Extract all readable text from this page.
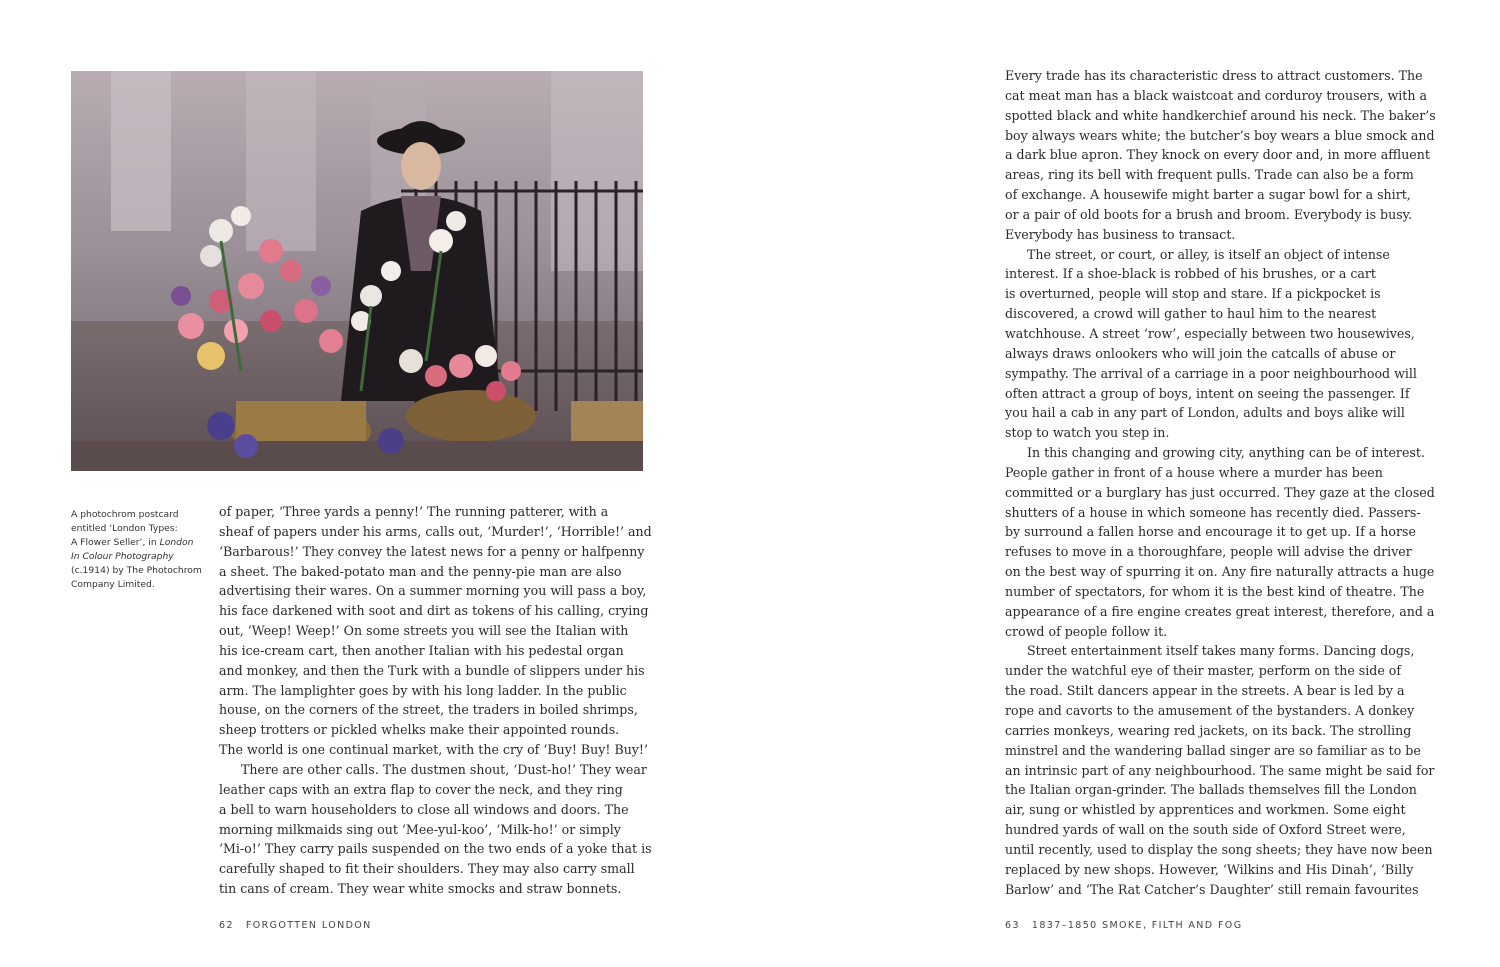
A photochrom postcard
entitled ‘London Types:
A Flower Seller’, in London
In Colour Photography
(c.1914) by The Photochrom
Company Limited.
of paper, ‘Three yards a penny!’ The running patterer, with a
sheaf of papers under his arms, calls out, ‘Murder!’, ‘Horrible!’ and
‘Barbarous!’ They convey the latest news for a penny or halfpenny
a sheet. The baked-potato man and the penny-pie man are also
advertising their wares. On a summer morning you will pass a boy,
his face darkened with soot and dirt as tokens of his calling, crying
out, ‘Weep! Weep!’ On some streets you will see the Italian with
his ice-cream cart, then another Italian with his pedestal organ
and monkey, and then the Turk with a bundle of slippers under his
arm. The lamplighter goes by with his long ladder. In the public
house, on the corners of the street, the traders in boiled shrimps,
sheep trotters or pickled whelks make their appointed rounds.
The world is one continual market, with the cry of ‘Buy! Buy! Buy!’
There are other calls. The dustmen shout, ‘Dust-ho!’ They wear
leather caps with an extra flap to cover the neck, and they ring
a bell to warn householders to close all windows and doors. The
morning milkmaids sing out ‘Mee-yul-koo’, ‘Milk-ho!’ or simply
‘Mi-o!’ They carry pails suspended on the two ends of a yoke that is
carefully shaped to fit their shoulders. They may also carry small
tin cans of cream. They wear white smocks and straw bonnets.
Every trade has its characteristic dress to attract customers. The
cat meat man has a black waistcoat and corduroy trousers, with a
spotted black and white handkerchief around his neck. The baker’s
boy always wears white; the butcher’s boy wears a blue smock and
a dark blue apron. They knock on every door and, in more affluent
areas, ring its bell with frequent pulls. Trade can also be a form
of exchange. A housewife might barter a sugar bowl for a shirt,
or a pair of old boots for a brush and broom. Everybody is busy.
Everybody has business to transact.
The street, or court, or alley, is itself an object of intense
interest. If a shoe-black is robbed of his brushes, or a cart
is overturned, people will stop and stare. If a pickpocket is
discovered, a crowd will gather to haul him to the nearest
watchhouse. A street ‘row’, especially between two housewives,
always draws onlookers who will join the catcalls of abuse or
sympathy. The arrival of a carriage in a poor neighbourhood will
often attract a group of boys, intent on seeing the passenger. If
you hail a cab in any part of London, adults and boys alike will
stop to watch you step in.
In this changing and growing city, anything can be of interest.
People gather in front of a house where a murder has been
committed or a burglary has just occurred. They gaze at the closed
shutters of a house in which someone has recently died. Passers-
by surround a fallen horse and encourage it to get up. If a horse
refuses to move in a thoroughfare, people will advise the driver
on the best way of spurring it on. Any fire naturally attracts a huge
number of spectators, for whom it is the best kind of theatre. The
appearance of a fire engine creates great interest, therefore, and a
crowd of people follow it.
Street entertainment itself takes many forms. Dancing dogs,
under the watchful eye of their master, perform on the side of
the road. Stilt dancers appear in the streets. A bear is led by a
rope and cavorts to the amusement of the bystanders. A donkey
carries monkeys, wearing red jackets, on its back. The strolling
minstrel and the wandering ballad singer are so familiar as to be
an intrinsic part of any neighbourhood. The same might be said for
the Italian organ-grinder. The ballads themselves fill the London
air, sung or whistled by apprentices and workmen. Some eight
hundred yards of wall on the south side of Oxford Street were,
until recently, used to display the song sheets; they have now been
replaced by new shops. However, ‘Wilkins and His Dinah’, ‘Billy
Barlow’ and ‘The Rat Catcher’s Daughter’ still remain favourites
62 FORGOTTEN LONDON	63 1837–1850 SMOKE, FILTH AND FOG
